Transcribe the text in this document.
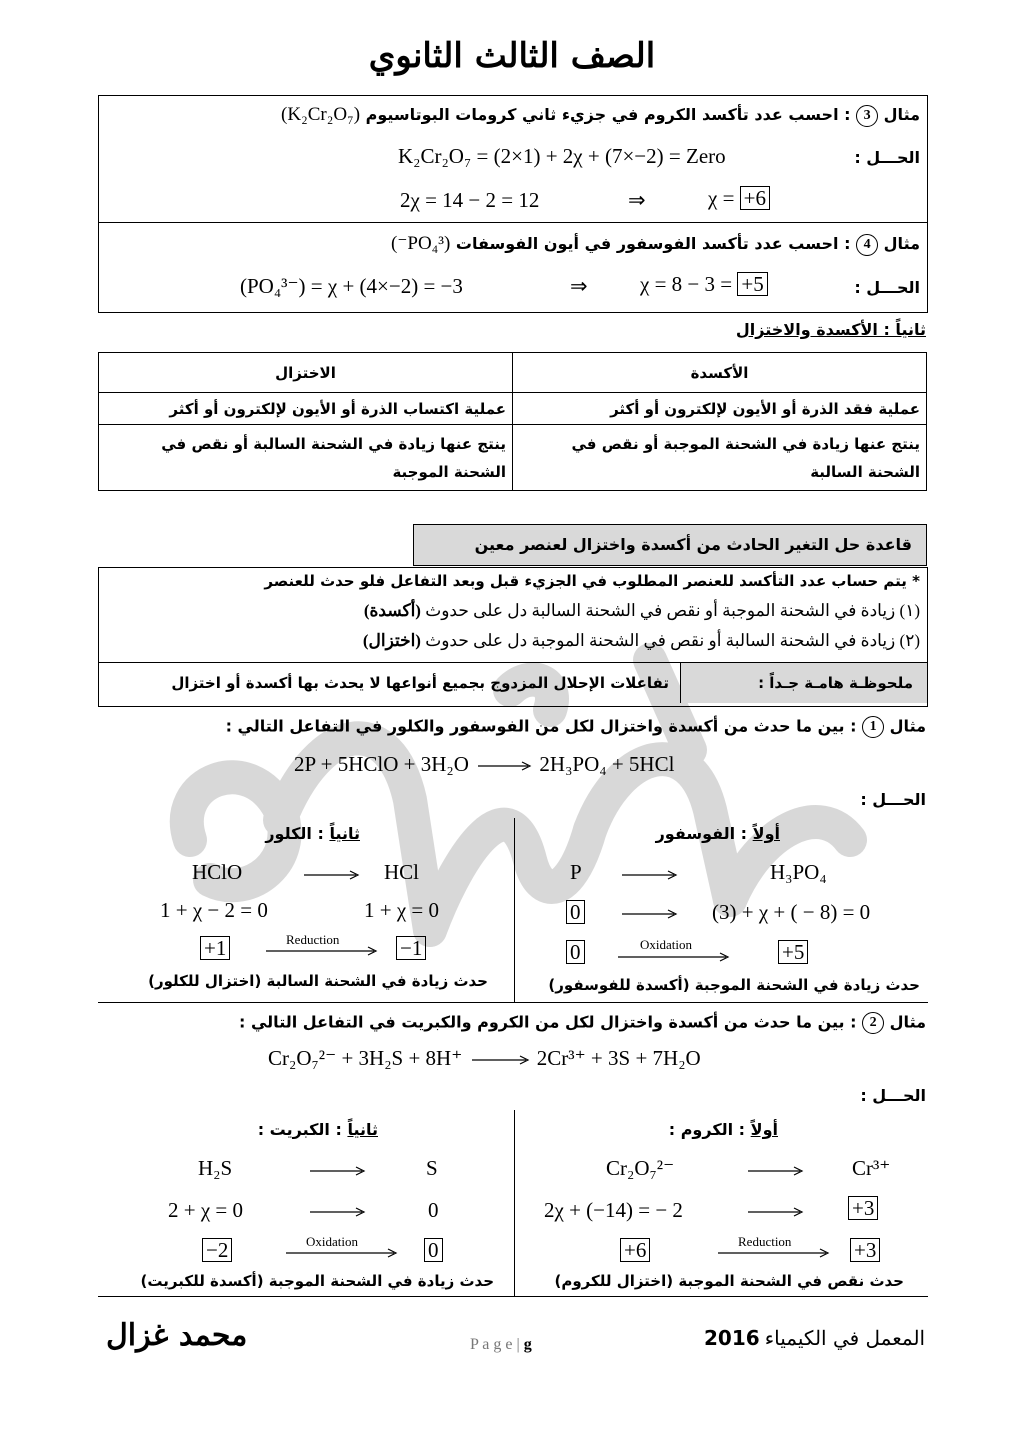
الصف الثالث الثانوي
مثال 3 : احسب عدد تأكسد الكروم في جزيء ثاني كرومات البوتاسيوم (K₂Cr₂O₇)
الحـــل :
K₂Cr₂O₇ = (2×1) + 2χ + (7×−2) = Zero
2χ = 14 − 2 = 12	⇒	χ = +6
مثال 4 : احسب عدد تأكسد الفوسفور في أيون الفوسفات (PO₄³⁻)
الحـــل :
(PO₄³⁻) = χ + (4×−2) = −3	⇒ χ = 8 − 3 = +5
ثانياً : الأكسدة والاختزال
الأكسدة	الاختزال
عملية فقد الذرة أو الأيون لإلكترون أو أكثر	عملية اكتساب الذرة أو الأيون لإلكترون أو أكثر
ينتج عنها زيادة في الشحنة الموجبة أو نقص في الشحنة السالبة	ينتج عنها زيادة في الشحنة السالبة أو نقص في الشحنة الموجبة
قاعدة حل التغير الحادث من أكسدة واختزال لعنصر معين
* يتم حساب عدد التأكسد للعنصر المطلوب في الجزيء قبل وبعد التفاعل فلو حدث للعنصر
(١) زيادة في الشحنة الموجبة أو نقص في الشحنة السالبة دل على حدوث (أكسدة)
(٢) زيادة في الشحنة السالبة أو نقص في الشحنة الموجبة دل على حدوث (اختزال)
ملحوظـة هامـة جـداً :
تفاعلات الإحلال المزدوج بجميع أنواعها لا يحدث بها أكسدة أو اختزال
مثال 1 : بين ما حدث من أكسدة واختزال لكل من الفوسفور والكلور في التفاعل التالي :
2P + 5HClO + 3H₂O → 2H₃PO₄ + 5HCl
الحـــل :
أولاً : الفوسفور
P	H₃PO₄
0	(3) + χ + ( − 8) = 0
0	Oxidation	+5
حدث زيادة في الشحنة الموجبة (أكسدة للفوسفور)
ثانياً : الكلور
HClO	HCl
1 + χ − 2 = 0	1 + χ = 0
+1	Reduction	−1
حدث زيادة في الشحنة السالبة (اختزال للكلور)
مثال 2 : بين ما حدث من أكسدة واختزال لكل من الكروم والكبريت في التفاعل التالي :
Cr₂O₇²⁻ + 3H₂S + 8H⁺ → 2Cr³⁺ + 3S + 7H₂O
الحـــل :
أولاً : الكروم :
Cr₂O₇²⁻	Cr³⁺
2χ + (−14) = − 2	+3
+6	Reduction	+3
حدث نقص في الشحنة الموجبة (اختزال للكروم)
ثانياً : الكبريت :
H₂S	S
2 + χ = 0	0
−2	Oxidation	0
حدث زيادة في الشحنة الموجبة (أكسدة للكبريت)
محمد غزال	P a g e | g	2016 المعمل في الكيمياء
